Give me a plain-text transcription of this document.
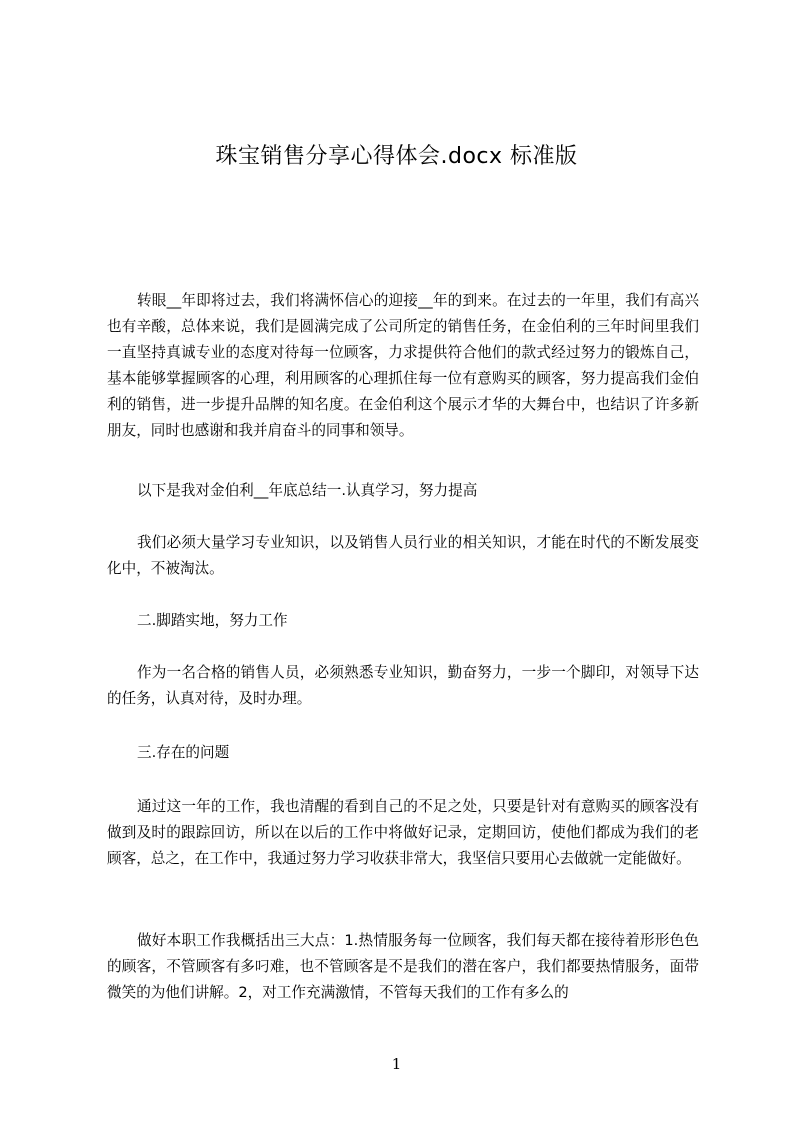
珠宝销售分享心得体会.docx 标准版
转眼__年即将过去，我们将满怀信心的迎接__年的到来。在过去的一年里，我们有高兴也有辛酸，总体来说，我们是圆满完成了公司所定的销售任务，在金伯利的三年时间里我们一直坚持真诚专业的态度对待每一位顾客，力求提供符合他们的款式经过努力的锻炼自己，基本能够掌握顾客的心理，利用顾客的心理抓住每一位有意购买的顾客，努力提高我们金伯利的销售，进一步提升品牌的知名度。在金伯利这个展示才华的大舞台中，也结识了许多新朋友，同时也感谢和我并肩奋斗的同事和领导。
以下是我对金伯利__年底总结一.认真学习，努力提高
我们必须大量学习专业知识，以及销售人员行业的相关知识，才能在时代的不断发展变化中，不被淘汰。
二.脚踏实地，努力工作
作为一名合格的销售人员，必须熟悉专业知识，勤奋努力，一步一个脚印，对领导下达的任务，认真对待，及时办理。
三.存在的问题
通过这一年的工作，我也清醒的看到自己的不足之处，只要是针对有意购买的顾客没有做到及时的跟踪回访，所以在以后的工作中将做好记录，定期回访，使他们都成为我们的老顾客，总之，在工作中，我通过努力学习收获非常大，我坚信只要用心去做就一定能做好。
做好本职工作我概括出三大点：1.热情服务每一位顾客，我们每天都在接待着形形色色的顾客，不管顾客有多叼难，也不管顾客是不是我们的潜在客户，我们都要热情服务，面带微笑的为他们讲解。2，对工作充满激情，不管每天我们的工作有多么的
1
